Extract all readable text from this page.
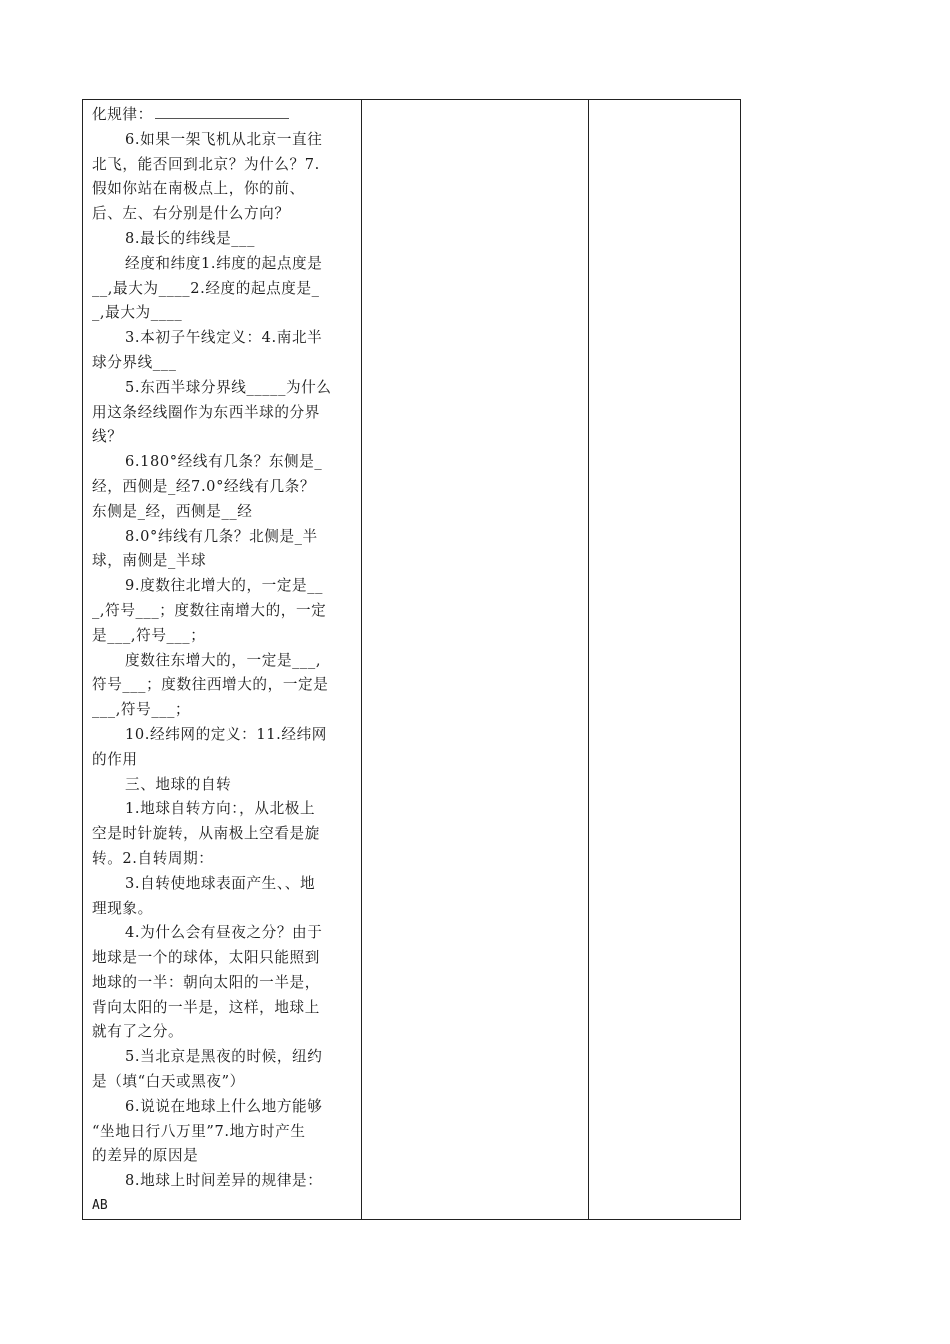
化规律：
6.如果一架飞机从北京一直往
北飞，能否回到北京？为什么？7.
假如你站在南极点上，你的前、
后、左、右分别是什么方向？
8.最长的纬线是___
经度和纬度1.纬度的起点度是
__,最大为____2.经度的起点度是_
_,最大为____
3.本初子午线定义：4.南北半
球分界线___
5.东西半球分界线_____为什么
用这条经线圈作为东西半球的分界
线？
6.180°经线有几条？东侧是_
经，西侧是_经7.0°经线有几条？
东侧是_经，西侧是__经
8.0°纬线有几条？北侧是_半
球，南侧是_半球
9.度数往北增大的，一定是__
_,符号___；度数往南增大的，一定
是___,符号___；
度数往东增大的，一定是___,
符号___；度数往西增大的，一定是
___,符号___；
10.经纬网的定义：11.经纬网
的作用
三、地球的自转
1.地球自转方向：，从北极上
空是时针旋转，从南极上空看是旋
转。2.自转周期：
3.自转使地球表面产生、、地
理现象。
4.为什么会有昼夜之分？由于
地球是一个的球体，太阳只能照到
地球的一半：朝向太阳的一半是，
背向太阳的一半是，这样，地球上
就有了之分。
5.当北京是黑夜的时候，纽约
是（填“白天或黑夜”）
6.说说在地球上什么地方能够
“坐地日行八万里”7.地方时产生
的差异的原因是
8.地球上时间差异的规律是：
AB
